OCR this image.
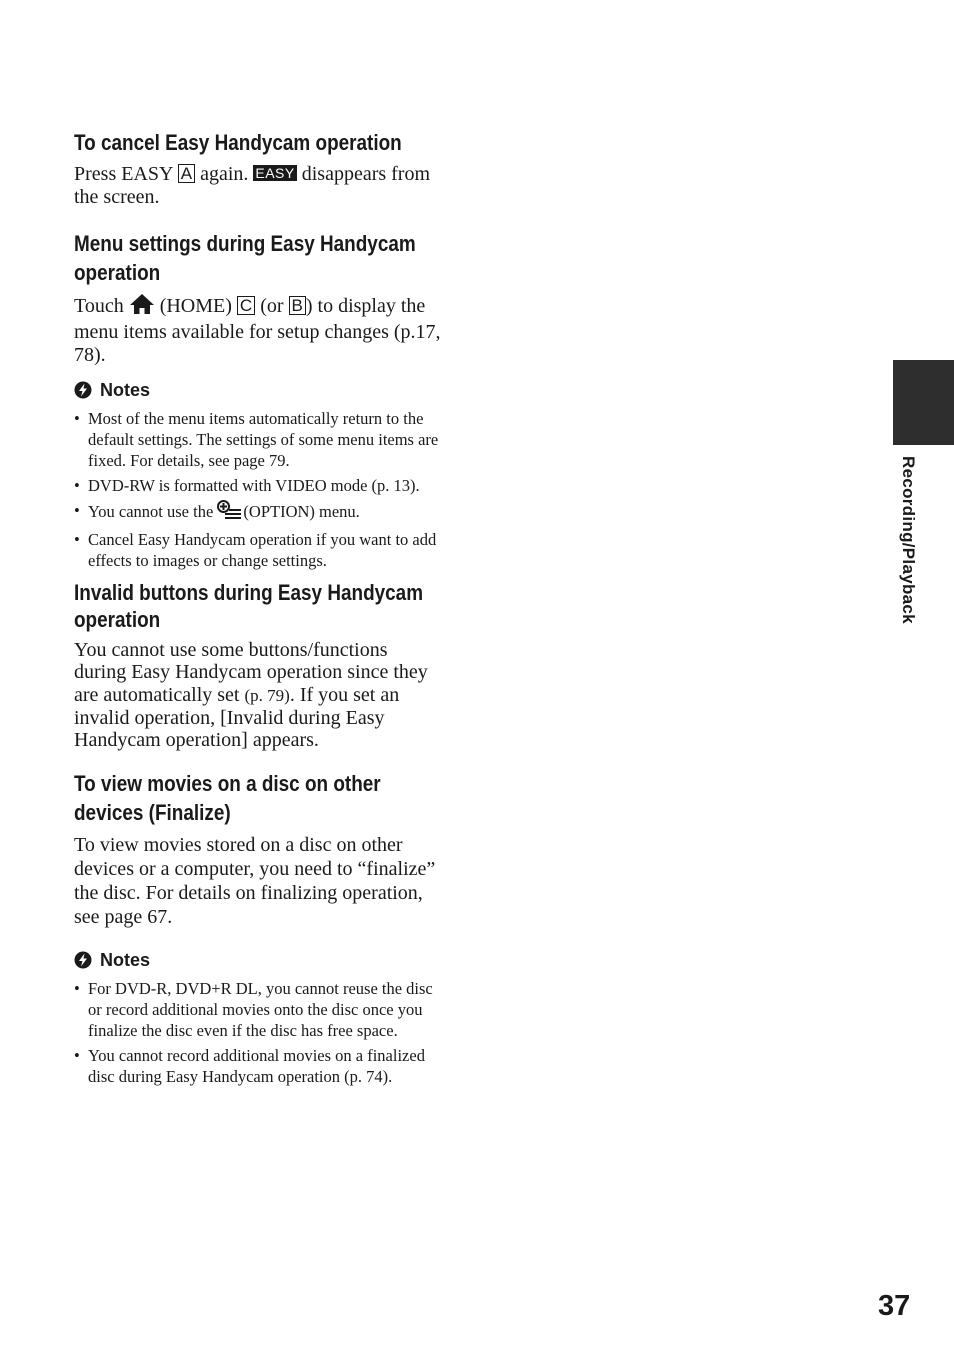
Recording/Playback
To cancel Easy Handycam operation

Press EASY A again. EASY disappears from the screen.

Menu settings during Easy Handycam operation

Touch  (HOME) C (or B ) to display the menu items available for setup changes (p.17, 78).

Notes
• Most of the menu items automatically return to the default settings. The settings of some menu items are fixed. For details, see page 79.
• DVD-RW is formatted with VIDEO mode (p. 13).
• You cannot use the (OPTION) menu.
• Cancel Easy Handycam operation if you want to add effects to images or change settings.
Invalid buttons during Easy Handycam operation

You cannot use some buttons/functions during Easy Handycam operation since they are automatically set (p. 79). If you set an invalid operation, [Invalid during Easy Handycam operation] appears.

To view movies on a disc on other devices (Finalize)

To view movies stored on a disc on other devices or a computer, you need to “finalize” the disc. For details on finalizing operation, see page 67.

Notes
• For DVD-R, DVD+R DL, you cannot reuse the disc or record additional movies onto the disc once you finalize the disc even if the disc has free space.
• You cannot record additional movies on a finalized disc during Easy Handycam operation (p. 74).
37
